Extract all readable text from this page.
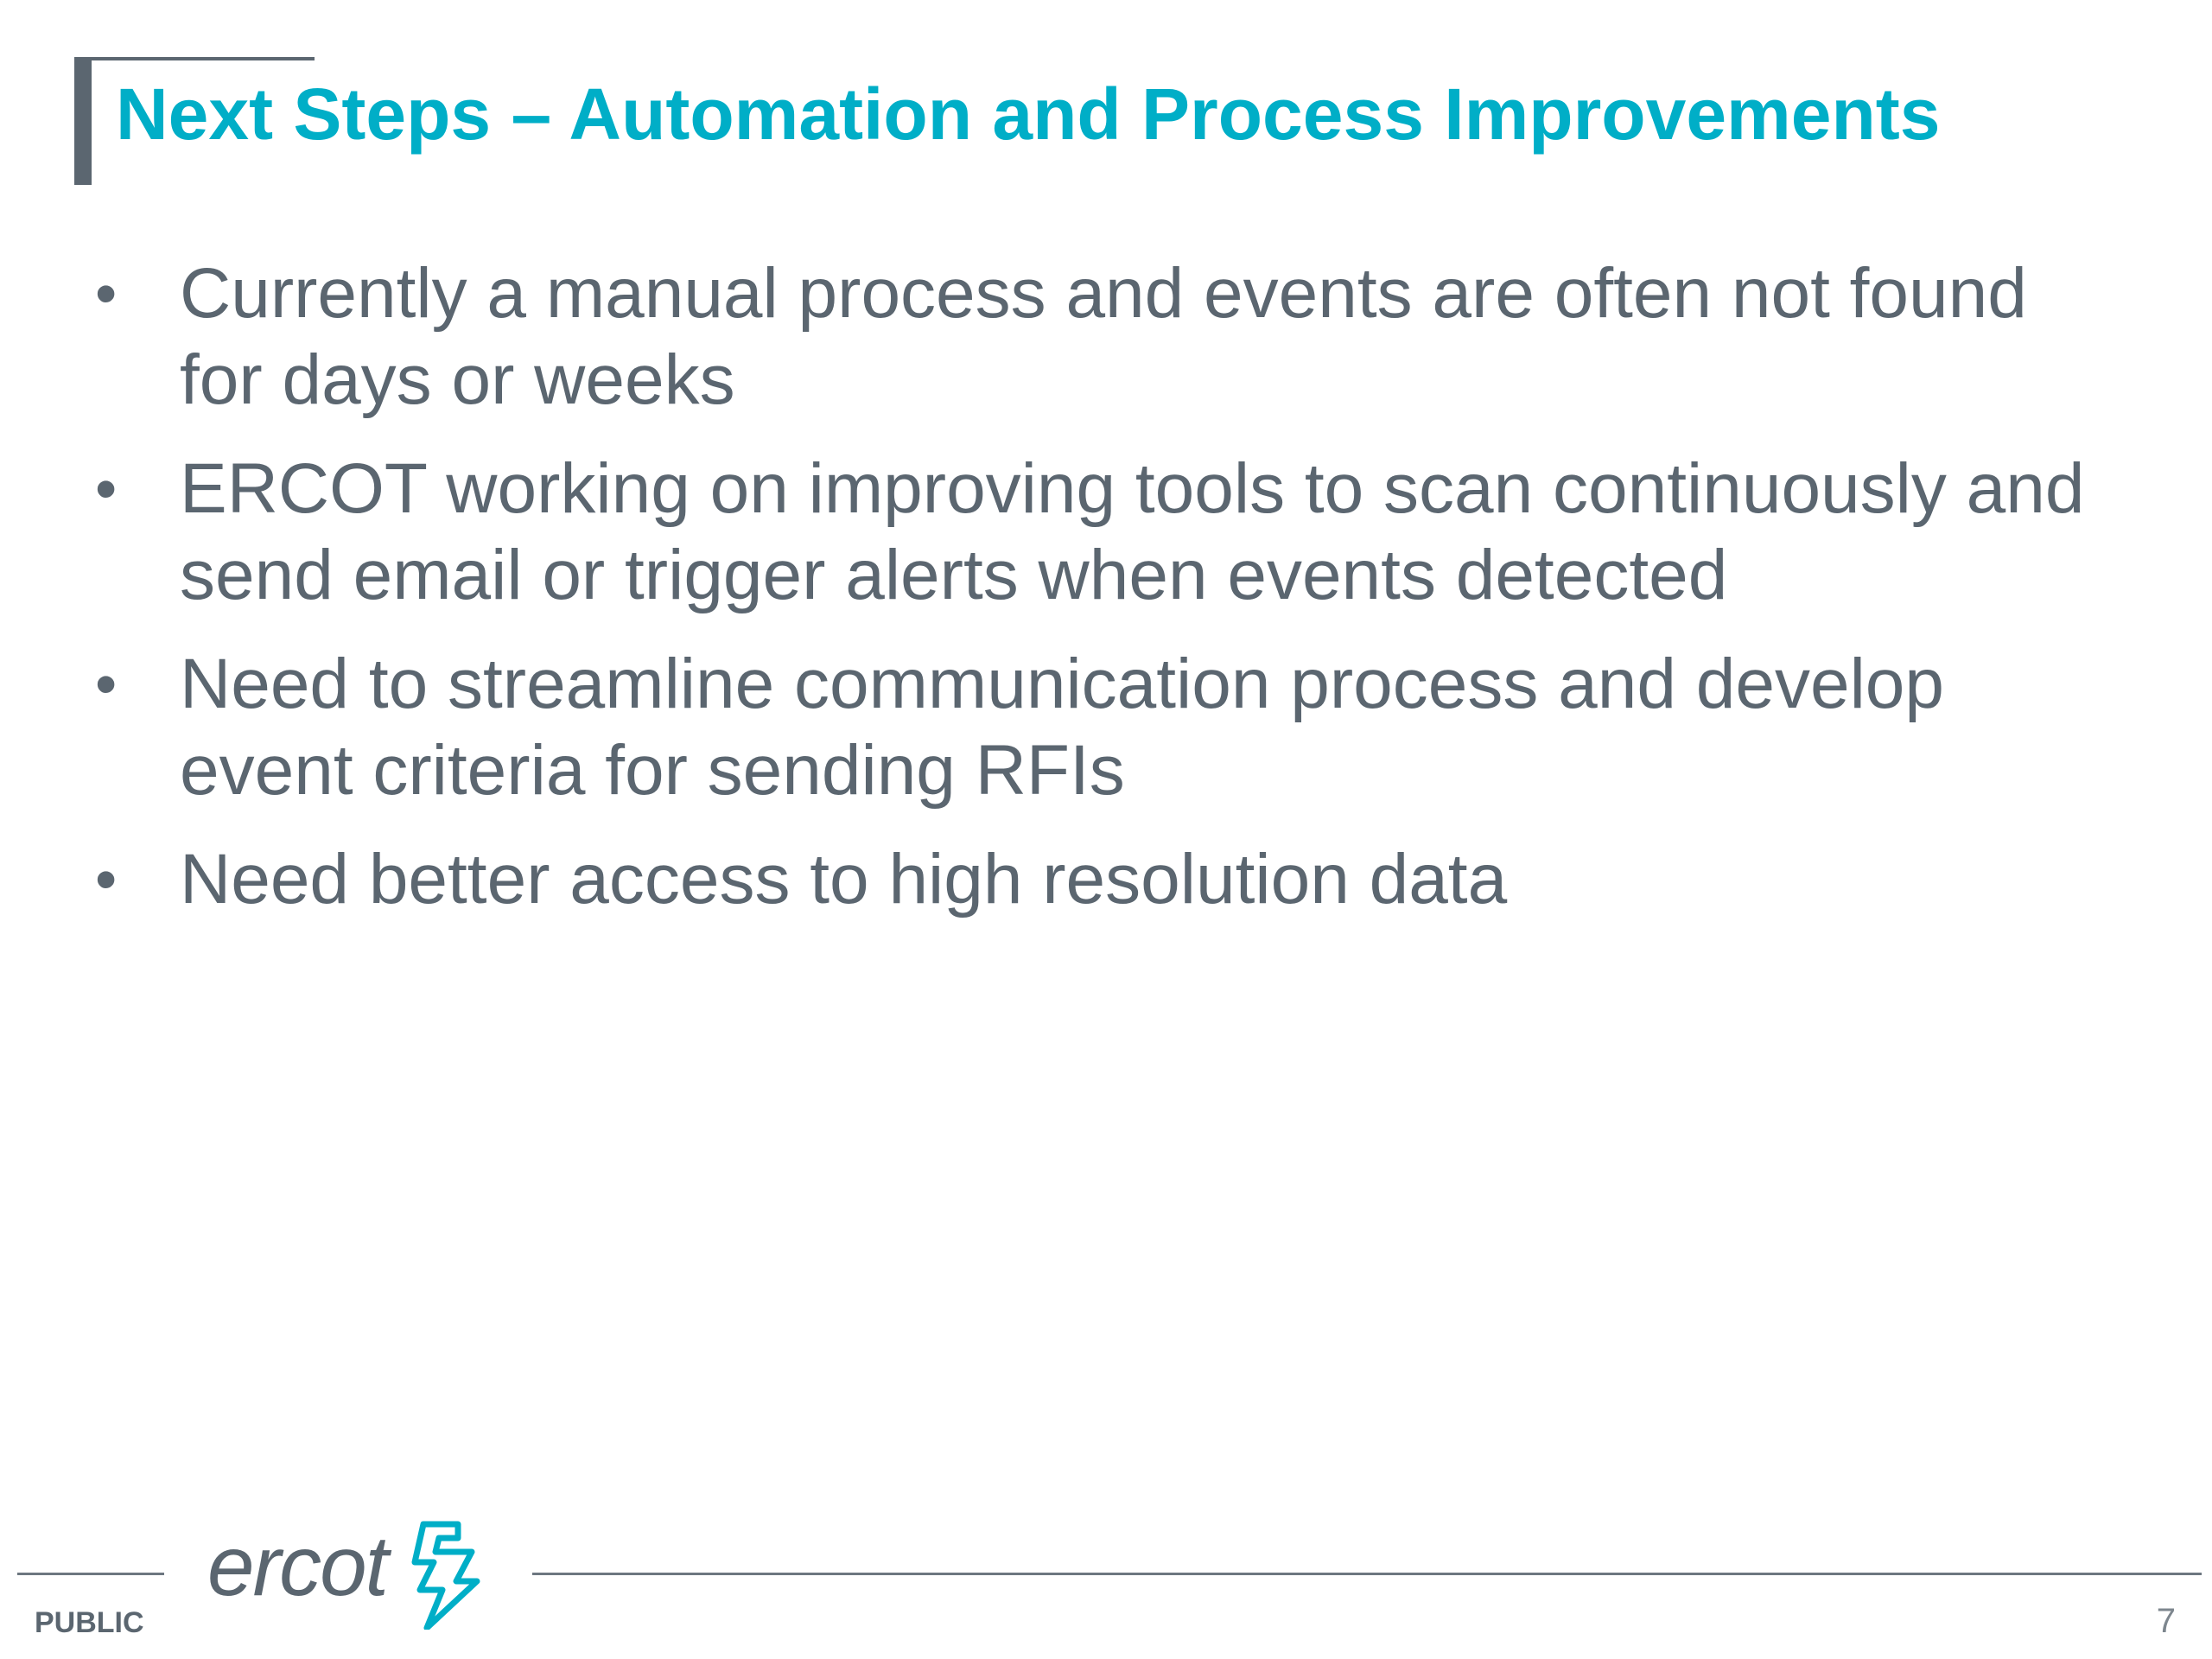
Next Steps – Automation and Process Improvements
• Currently a manual process and events are often not found for days or weeks
• ERCOT working on improving tools to scan continuously and send email or trigger alerts when events detected
• Need to streamline communication process and develop event criteria for sending RFIs
• Need better access to high resolution data
ercot
PUBLIC	7
